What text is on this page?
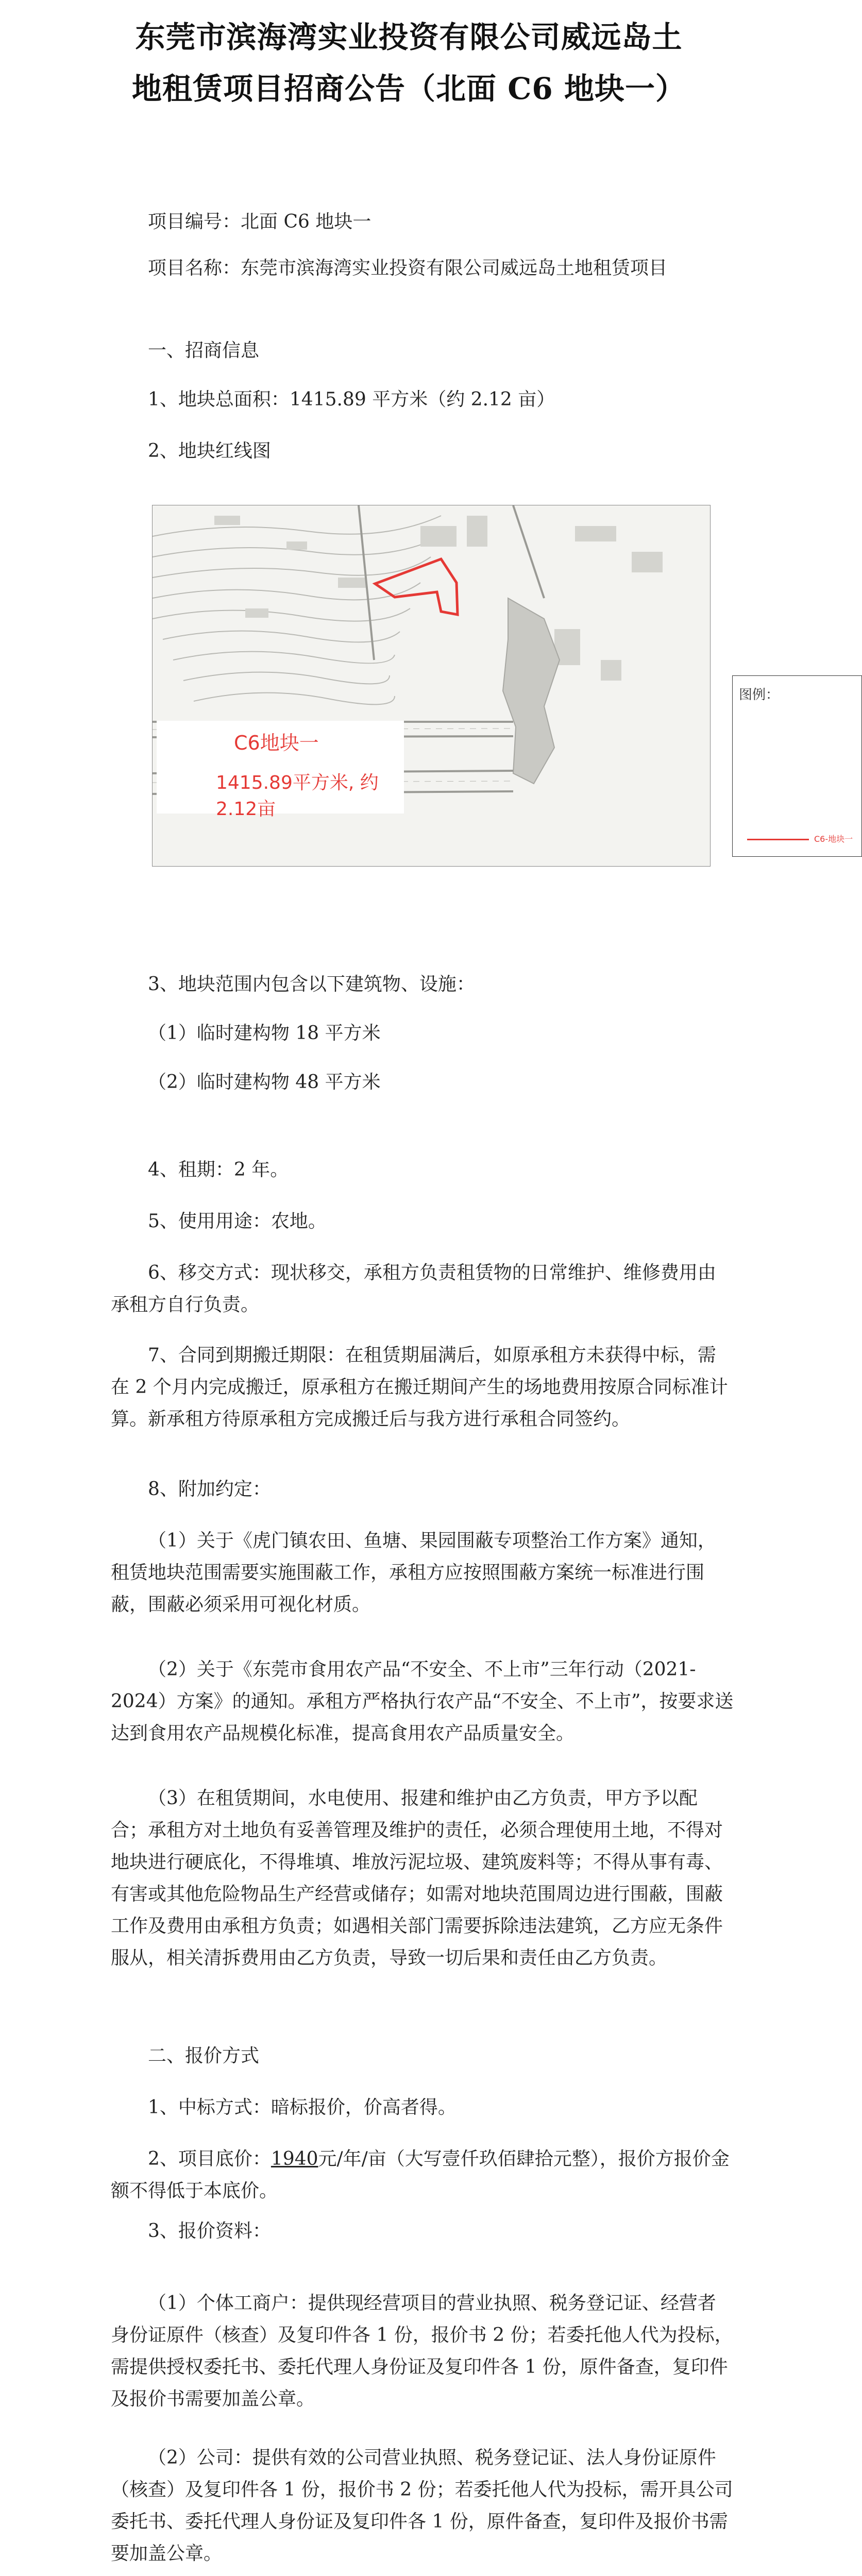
东莞市滨海湾实业投资有限公司威远岛土
地租赁项目招商公告（北面 C6 地块一）

项目编号：北面 C6 地块一

项目名称：东莞市滨海湾实业投资有限公司威远岛土地租赁项目

一、招商信息

1、地块总面积：1415.89 平方米（约 2.12 亩）

2、地块红线图

C6地块一
1415.89平方米, 约2.12亩
图例：
C6-地块一

3、地块范围内包含以下建筑物、设施：

（1）临时建构物 18 平方米

（2）临时建构物 48 平方米

4、租期：2 年。

5、使用用途：农地。

6、移交方式：现状移交，承租方负责租赁物的日常维护、维修费用由承租方自行负责。

7、合同到期搬迁期限：在租赁期届满后，如原承租方未获得中标，需在 2 个月内完成搬迁，原承租方在搬迁期间产生的场地费用按原合同标准计算。新承租方待原承租方完成搬迁后与我方进行承租合同签约。

8、附加约定：

（1）关于《虎门镇农田、鱼塘、果园围蔽专项整治工作方案》通知，租赁地块范围需要实施围蔽工作，承租方应按照围蔽方案统一标准进行围蔽，围蔽必须采用可视化材质。

（2）关于《东莞市食用农产品“不安全、不上市”三年行动（2021-2024）方案》的通知。承租方严格执行农产品“不安全、不上市”，按要求送达到食用农产品规模化标准，提高食用农产品质量安全。

（3）在租赁期间，水电使用、报建和维护由乙方负责，甲方予以配合；承租方对土地负有妥善管理及维护的责任，必须合理使用土地，不得对地块进行硬底化，不得堆填、堆放污泥垃圾、建筑废料等；不得从事有毒、有害或其他危险物品生产经营或储存；如需对地块范围周边进行围蔽，围蔽工作及费用由承租方负责；如遇相关部门需要拆除违法建筑，乙方应无条件服从，相关清拆费用由乙方负责，导致一切后果和责任由乙方负责。

二、报价方式

1、中标方式：暗标报价，价高者得。

2、项目底价：1940元/年/亩（大写壹仟玖佰肆拾元整），报价方报价金额不得低于本底价。

3、报价资料：

（1）个体工商户：提供现经营项目的营业执照、税务登记证、经营者身份证原件（核查）及复印件各 1 份，报价书 2 份；若委托他人代为投标，需提供授权委托书、委托代理人身份证及复印件各 1 份，原件备查，复印件及报价书需要加盖公章。

（2）公司：提供有效的公司营业执照、税务登记证、法人身份证原件（核查）及复印件各 1 份，报价书 2 份；若委托他人代为投标，需开具公司委托书、委托代理人身份证及复印件各 1 份，原件备查，复印件及报价书需要加盖公章。
